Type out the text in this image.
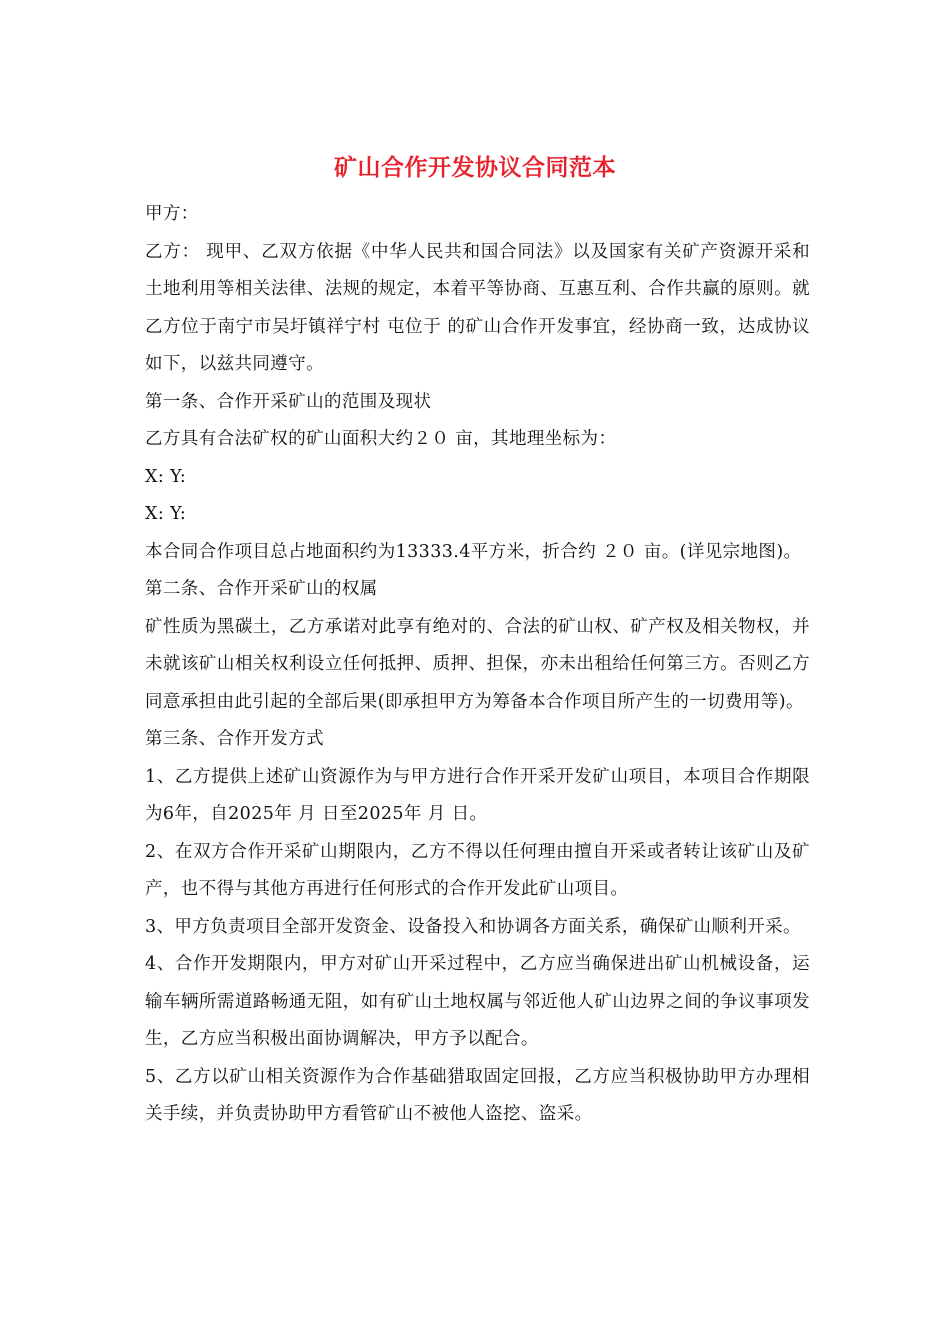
矿山合作开发协议合同范本

甲方：

乙方： 现甲、乙双方依据《中华人民共和国合同法》以及国家有关矿产资源开采和土地利用等相关法律、法规的规定，本着平等协商、互惠互利、合作共赢的原则。就乙方位于南宁市吴圩镇祥宁村 屯位于 的矿山合作开发事宜，经协商一致，达成协议如下，以兹共同遵守。

第一条、合作开采矿山的范围及现状

乙方具有合法矿权的矿山面积大约２０ 亩，其地理坐标为：

X: Y:

X: Y:

本合同合作项目总占地面积约为13333.4平方米，折合约 ２０ 亩。(详见宗地图)。

第二条、合作开采矿山的权属

矿性质为黑碳土，乙方承诺对此享有绝对的、合法的矿山权、矿产权及相关物权，并未就该矿山相关权利设立任何抵押、质押、担保，亦未出租给任何第三方。否则乙方同意承担由此引起的全部后果(即承担甲方为筹备本合作项目所产生的一切费用等)。

第三条、合作开发方式

1、乙方提供上述矿山资源作为与甲方进行合作开采开发矿山项目，本项目合作期限为6年，自2025年 月 日至2025年 月 日。

2、在双方合作开采矿山期限内，乙方不得以任何理由擅自开采或者转让该矿山及矿产，也不得与其他方再进行任何形式的合作开发此矿山项目。

3、甲方负责项目全部开发资金、设备投入和协调各方面关系，确保矿山顺利开采。

4、合作开发期限内，甲方对矿山开采过程中，乙方应当确保进出矿山机械设备，运输车辆所需道路畅通无阻，如有矿山土地权属与邻近他人矿山边界之间的争议事项发生，乙方应当积极出面协调解决，甲方予以配合。

5、乙方以矿山相关资源作为合作基础猎取固定回报，乙方应当积极协助甲方办理相关手续，并负责协助甲方看管矿山不被他人盗挖、盗采。
